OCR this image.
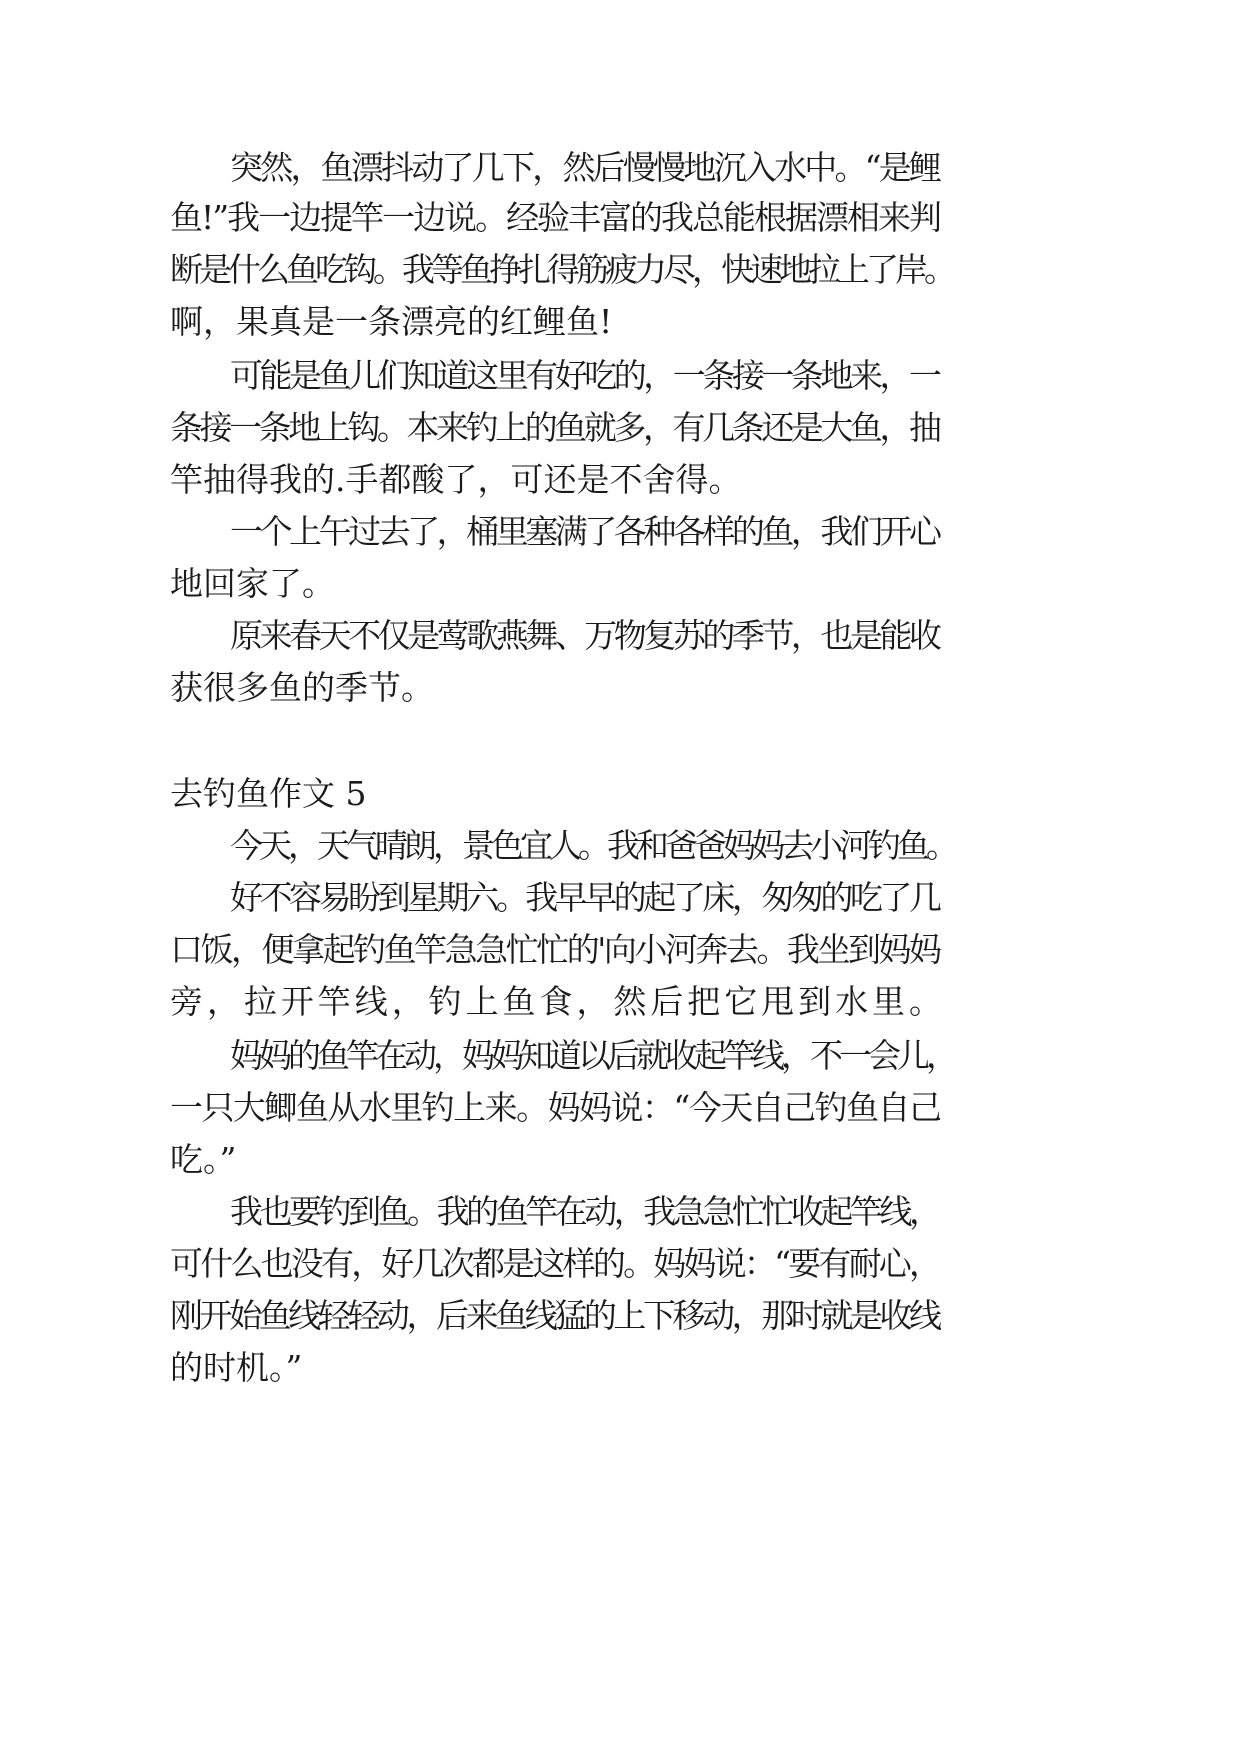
突然，鱼漂抖动了几下，然后慢慢地沉入水中。“是鲤
鱼!”我一边提竿一边说。经验丰富的我总能根据漂相来判
断是什么鱼吃钩。我等鱼挣扎得筋疲力尽，快速地拉上了岸。
啊，果真是一条漂亮的红鲤鱼!
可能是鱼儿们知道这里有好吃的，一条接一条地来，一
条接一条地上钩。本来钓上的鱼就多，有几条还是大鱼，抽
竿抽得我的.手都酸了，可还是不舍得。
一个上午过去了，桶里塞满了各种各样的鱼，我们开心
地回家了。
原来春天不仅是莺歌燕舞、万物复苏的季节，也是能收
获很多鱼的季节。
去钓鱼作文 5
今天，天气晴朗，景色宜人。我和爸爸妈妈去小河钓鱼。
好不容易盼到星期六。我早早的起了床，匆匆的吃了几
口饭，便拿起钓鱼竿急急忙忙的'向小河奔去。我坐到妈妈
旁，拉开竿线，钓上鱼食，然后把它甩到水里。
妈妈的鱼竿在动，妈妈知道以后就收起竿线，不一会儿，
一只大鲫鱼从水里钓上来。妈妈说：“今天自己钓鱼自己
吃。”
我也要钓到鱼。我的鱼竿在动，我急急忙忙收起竿线，
可什么也没有，好几次都是这样的。妈妈说：“要有耐心，
刚开始鱼线轻轻动，后来鱼线猛的上下移动，那时就是收线
的时机。”
